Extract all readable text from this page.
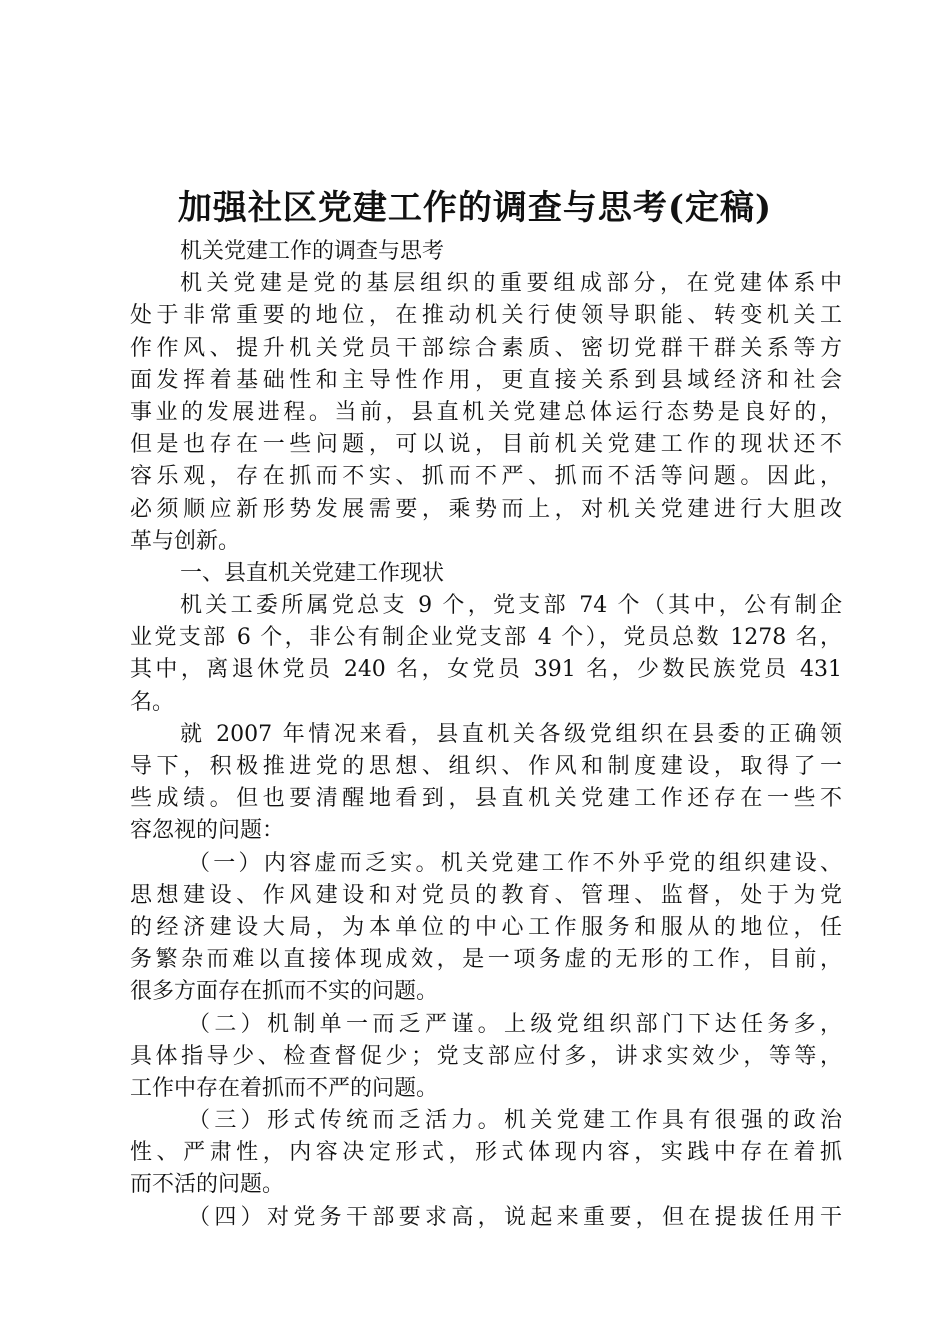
加强社区党建工作的调查与思考(定稿)
机关党建工作的调查与思考
机关党建是党的基层组织的重要组成部分，在党建体系中
处于非常重要的地位，在推动机关行使领导职能、转变机关工
作作风、提升机关党员干部综合素质、密切党群干群关系等方
面发挥着基础性和主导性作用，更直接关系到县域经济和社会
事业的发展进程。当前，县直机关党建总体运行态势是良好的，
但是也存在一些问题，可以说，目前机关党建工作的现状还不
容乐观，存在抓而不实、抓而不严、抓而不活等问题。因此，
必须顺应新形势发展需要，乘势而上，对机关党建进行大胆改
革与创新。
一、县直机关党建工作现状
机关工委所属党总支 9 个，党支部 74 个（其中，公有制企
业党支部 6 个，非公有制企业党支部 4 个），党员总数 1278 名，
其中，离退休党员 240 名，女党员 391 名，少数民族党员 431
名。
就 2007 年情况来看，县直机关各级党组织在县委的正确领
导下，积极推进党的思想、组织、作风和制度建设，取得了一
些成绩。但也要清醒地看到，县直机关党建工作还存在一些不
容忽视的问题：
（一）内容虚而乏实。机关党建工作不外乎党的组织建设、
思想建设、作风建设和对党员的教育、管理、监督，处于为党
的经济建设大局，为本单位的中心工作服务和服从的地位，任
务繁杂而难以直接体现成效，是一项务虚的无形的工作，目前，
很多方面存在抓而不实的问题。
（二）机制单一而乏严谨。上级党组织部门下达任务多，
具体指导少、检查督促少；党支部应付多，讲求实效少，等等，
工作中存在着抓而不严的问题。
（三）形式传统而乏活力。机关党建工作具有很强的政治
性、严肃性，内容决定形式，形式体现内容，实践中存在着抓
而不活的问题。
（四）对党务干部要求高，说起来重要，但在提拔任用干
